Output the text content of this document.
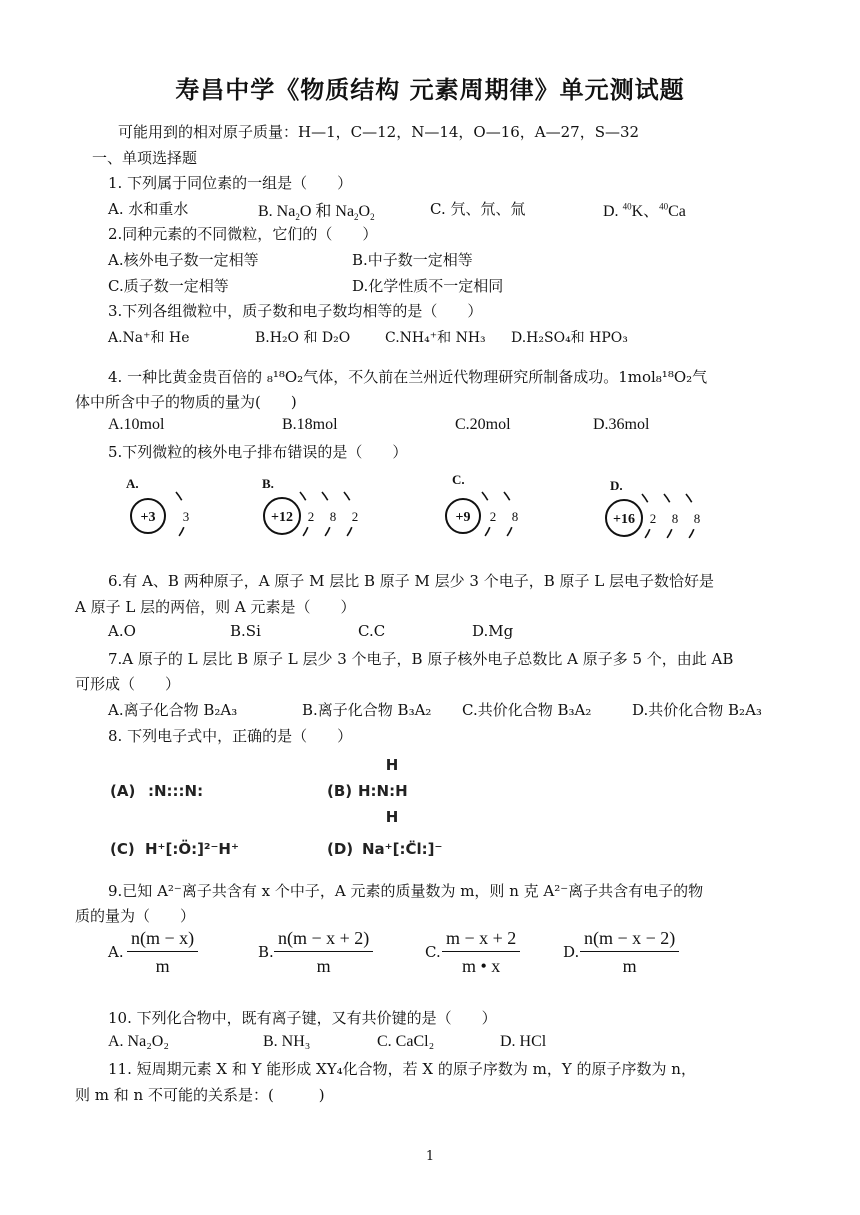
寿昌中学《物质结构 元素周期律》单元测试题
可能用到的相对原子质量：H—1，C—12，N—14，O—16，A—27，S—32
一、单项选择题
1. 下列属于同位素的一组是（　　）
A. 水和重水	B. $Na_2O$ 和 $Na_2O_2$	C. 氕、氘、氚	D. $^{40}$K、$^{40}$Ca
2.同种元素的不同微粒，它们的（　　）
A.核外电子数一定相等	B.中子数一定相等
C.质子数一定相等	D.化学性质不一定相同
3.下列各组微粒中，质子数和电子数均相等的是（　　）
A.Na⁺和 He	B.H₂O 和 D₂O C.NH₄⁺和 NH₃ D.H₂SO₄和 HPO₃
4. 一种比黄金贵百倍的 ₈¹⁸O₂气体，不久前在兰州近代物理研究所制备成功。1mol₈¹⁸O₂气
体中所含中子的物质的量为(　　)
A.10mol	B.18mol	C.20mol	D.36mol
5.下列微粒的核外电子排布错误的是（　　）
A.
+3 3
B.
+12 2 8 2
C.
+9 2 8
D.
+16 2 8 8
6.有 A、B 两种原子，A 原子 M 层比 B 原子 M 层少 3 个电子，B 原子 L 层电子数恰好是
A 原子 L 层的两倍，则 A 元素是（　　）
A.O	B.Si	C.C	D.Mg
7.A 原子的 L 层比 B 原子 L 层少 3 个电子，B 原子核外电子总数比 A 原子多 5 个，由此 AB
可形成（　　）
A.离子化合物 B₂A₃	B.离子化合物 B₃A₂ C.共价化合物 B₃A₂	D.共价化合物 B₂A₃
8. 下列电子式中，正确的是（　　）
(A) :N:::N:
H
(B) H:N:H
H
(C) H⁺[:Ö:]²⁻H⁺	(D) Na⁺[:C̈l:]⁻
9.已知 A²⁻离子共含有 x 个中子，A 元素的质量数为 m，则 n 克 A²⁻离子共含有电子的物
质的量为（　　）
A. $\frac{n(m - x)}{m}$	B. $\frac{n(m - x + 2)}{m}$	C. $\frac{m - x + 2}{m • x}$	D. $\frac{n(m - x - 2)}{m}$
10. 下列化合物中，既有离子键，又有共价键的是（　　）
A. Na₂O₂	B. NH₃	C. CaCl₂	D. HCl
11. 短周期元素 X 和 Y 能形成 XY₄化合物，若 X 的原子序数为 m，Y 的原子序数为 n，
则 m 和 n 不可能的关系是：(　　　)
1
